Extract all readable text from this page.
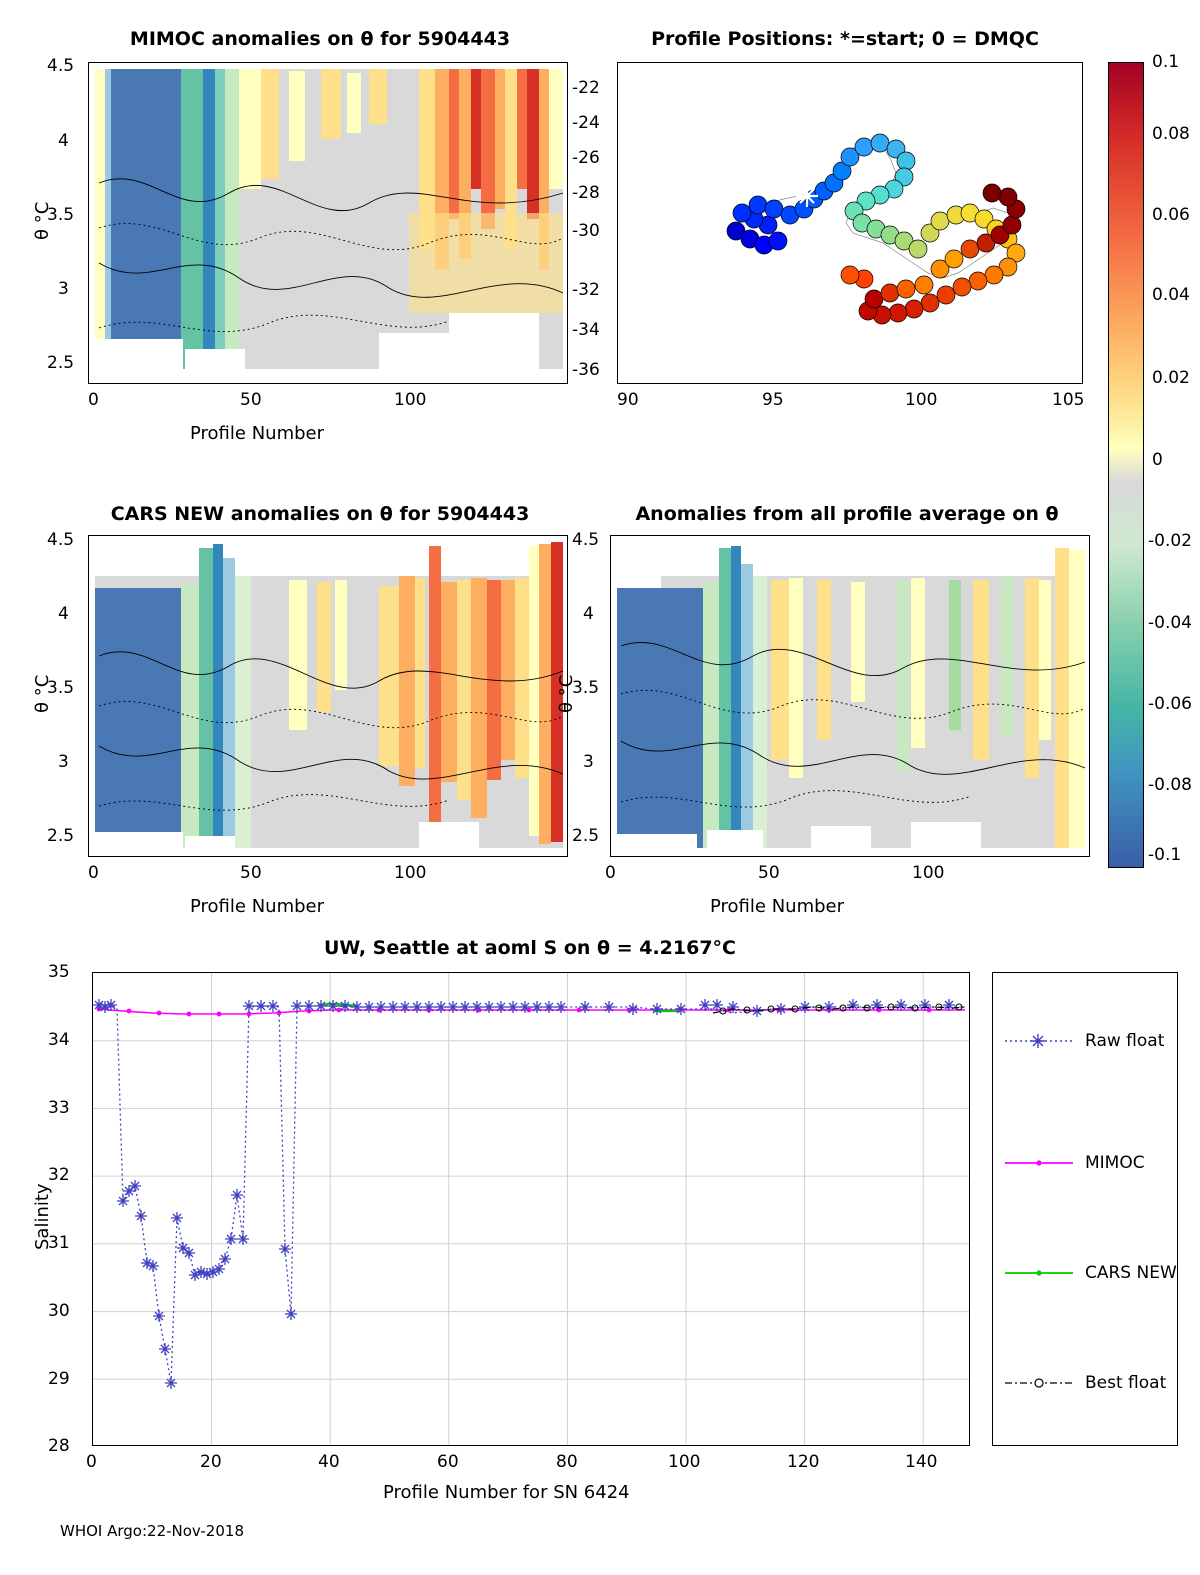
MIMOC anomalies on θ for 5904443
4.5
4
3.5
3
2.5
0	50	100
Profile Number
θ °C
-22
-24
-26
-28
-30
-32
-34
-36
Profile Positions: *=start; 0 = DMQC
90	95	100	105
0.1
0.08
0.06
0.04
0.02
0
-0.02
-0.04
-0.06
-0.08
-0.1
CARS NEW anomalies on θ for 5904443
4.5
4
3.5
3
2.5
0	50	100
Profile Number
θ °C
Anomalies from all profile average on θ
4.5
4
3.5
3
2.5
0	50	100
Profile Number
θ °C
UW, Seattle at aoml S on θ = 4.2167°C
35
34
33
32
31
30
29
28
Salinity
0	20	40	60	80	100	120	140
Profile Number for SN 6424
Raw float
MIMOC
CARS NEW
Best float
WHOI Argo:22-Nov-2018
